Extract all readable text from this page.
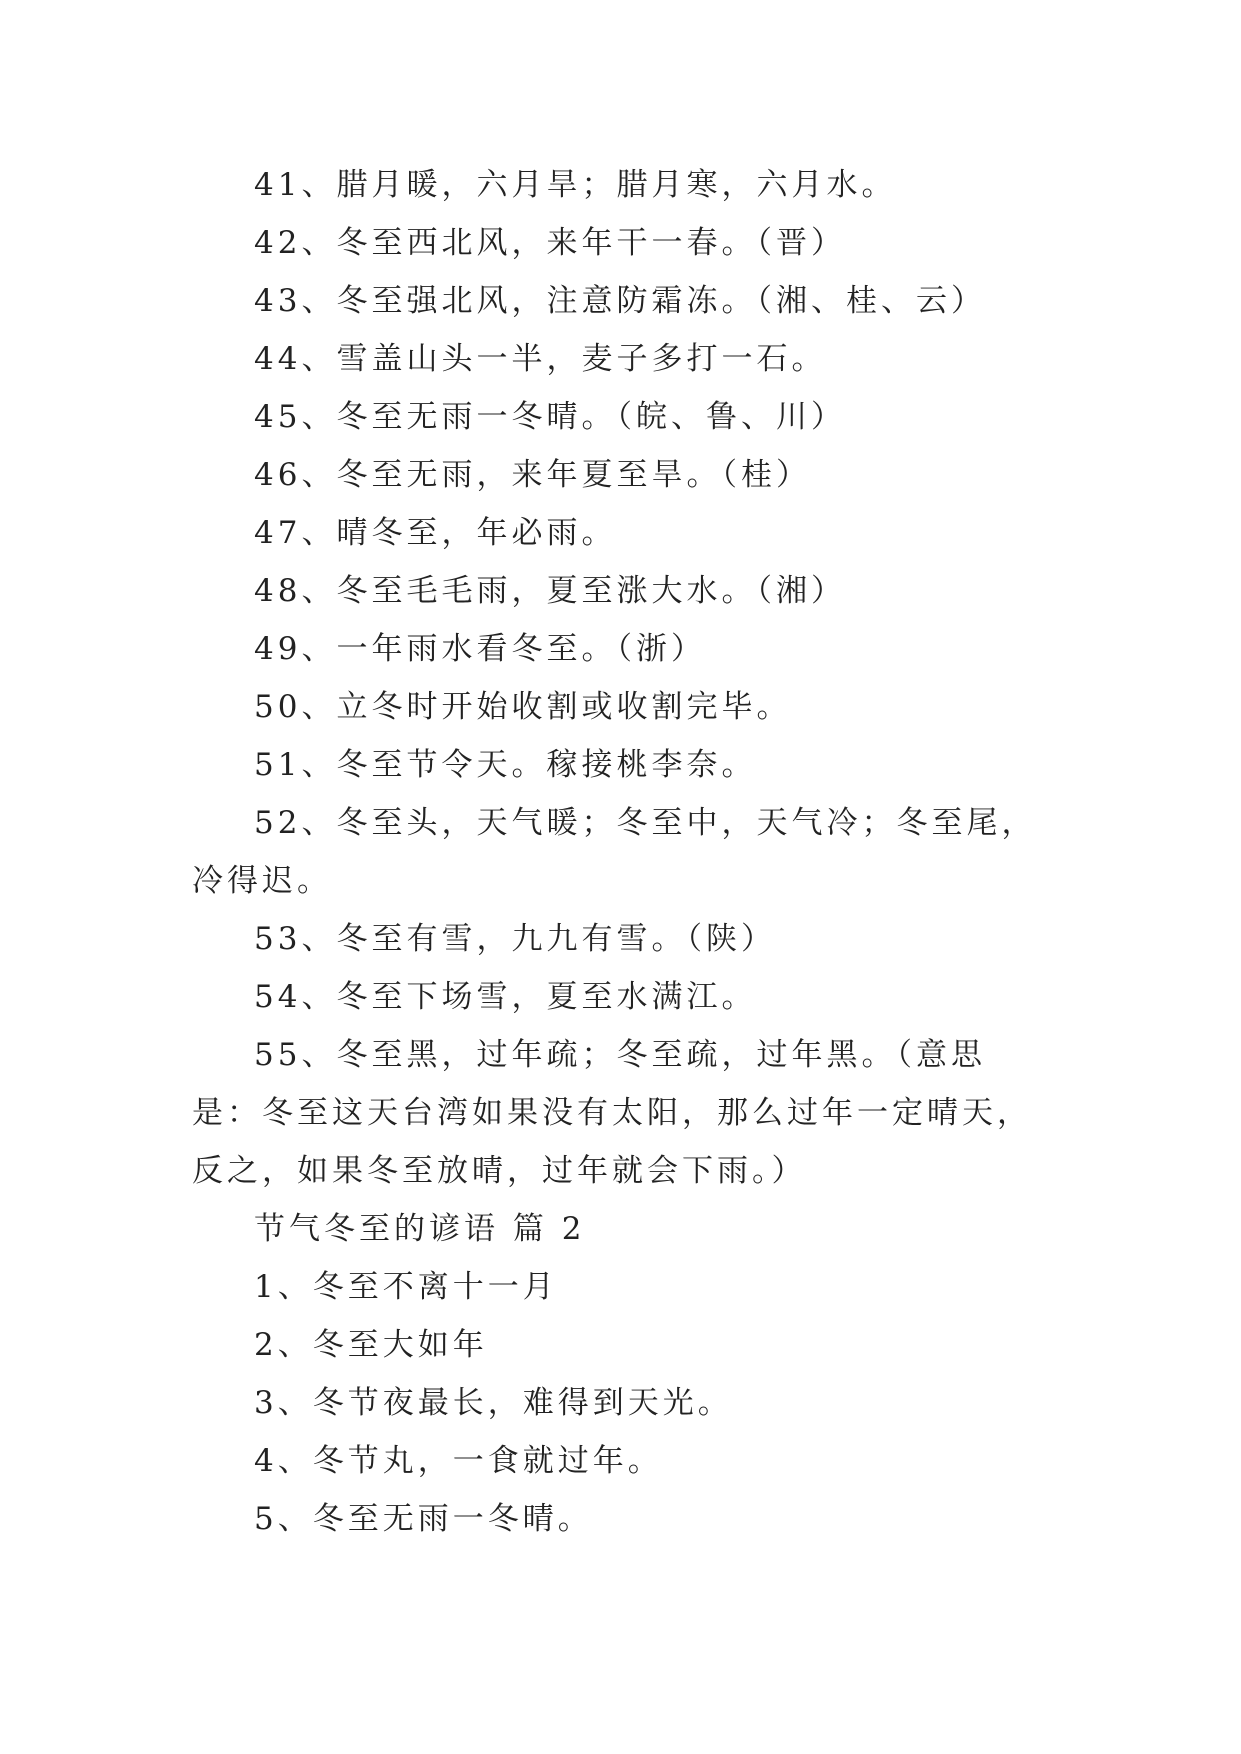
41、腊月暖，六月旱；腊月寒，六月水。

42、冬至西北风，来年干一春。（晋）

43、冬至强北风，注意防霜冻。（湘、桂、云）

44、雪盖山头一半，麦子多打一石。

45、冬至无雨一冬晴。（皖、鲁、川）

46、冬至无雨，来年夏至旱。（桂）

47、晴冬至，年必雨。

48、冬至毛毛雨，夏至涨大水。（湘）

49、一年雨水看冬至。（浙）

50、立冬时开始收割或收割完毕。

51、冬至节令天。稼接桃李奈。

52、冬至头，天气暖；冬至中，天气冷；冬至尾，冷得迟。

53、冬至有雪，九九有雪。（陕）

54、冬至下场雪，夏至水满江。

55、冬至黑，过年疏；冬至疏，过年黑。（意思是：冬至这天台湾如果没有太阳，那么过年一定晴天，反之，如果冬至放晴，过年就会下雨。）

节气冬至的谚语 篇 2

1、冬至不离十一月

2、冬至大如年

3、冬节夜最长，难得到天光。

4、冬节丸，一食就过年。

5、冬至无雨一冬晴。
